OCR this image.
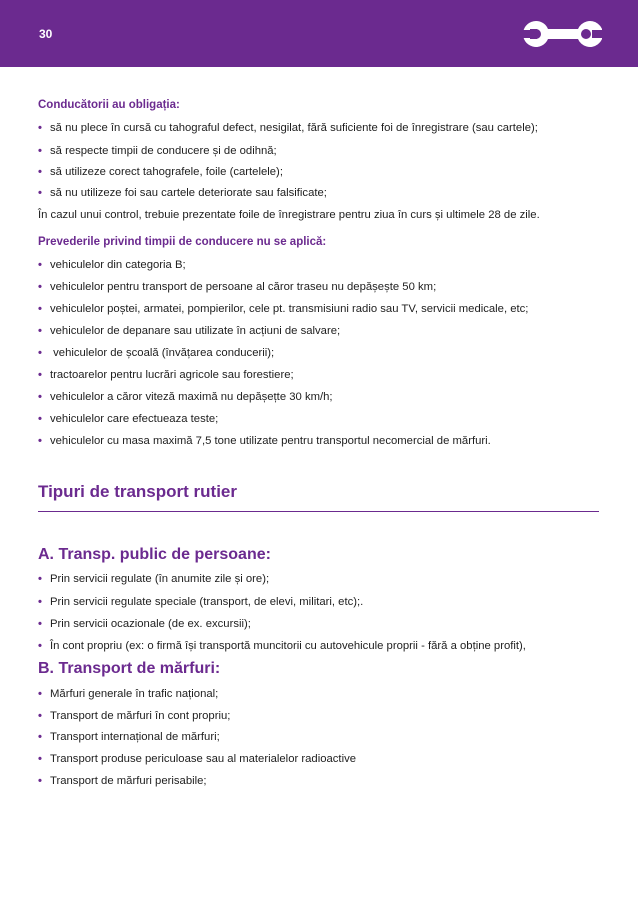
30
Conducătorii au obligația:
• să nu plece în cursă cu tahograful defect, nesigilat, fără suficiente foi de înregistrare (sau cartele);
• să respecte timpii de conducere și de odihnă;
• să utilizeze corect tahografele, foile (cartelele);
• să nu utilizeze foi sau cartele deteriorate sau falsificate;
În cazul unui control, trebuie prezentate foile de înregistrare pentru ziua în curs și ultimele 28 de zile.
Prevederile privind timpii de conducere nu se aplică:
• vehiculelor din categoria B;
• vehiculelor pentru transport de persoane al căror traseu nu depășește 50 km;
• vehiculelor poștei, armatei, pompierilor, cele pt. transmisiuni radio sau TV, servicii medicale, etc;
• vehiculelor de depanare sau utilizate în acțiuni de salvare;
• vehiculelor de școală (învățarea conducerii);
• tractoarelor pentru lucrări agricole sau forestiere;
• vehiculelor a căror viteză maximă nu depășețte 30 km/h;
• vehiculelor care efectueaza teste;
• vehiculelor cu masa maximă 7,5 tone utilizate pentru transportul necomercial de mărfuri.
Tipuri de transport rutier
A. Transp. public de persoane:
• Prin servicii regulate (în anumite zile și ore);
• Prin servicii regulate speciale (transport, de elevi, militari, etc);.
• Prin servicii ocazionale (de ex. excursii);
• În cont propriu (ex: o firmă își transportă muncitorii cu autovehicule proprii - fără a obține profit),
B. Transport de mărfuri:
• Mărfuri generale în trafic național;
• Transport de mărfuri în cont propriu;
• Transport internațional de mărfuri;
• Transport produse periculoase sau al materialelor radioactive
• Transport de mărfuri perisabile;
